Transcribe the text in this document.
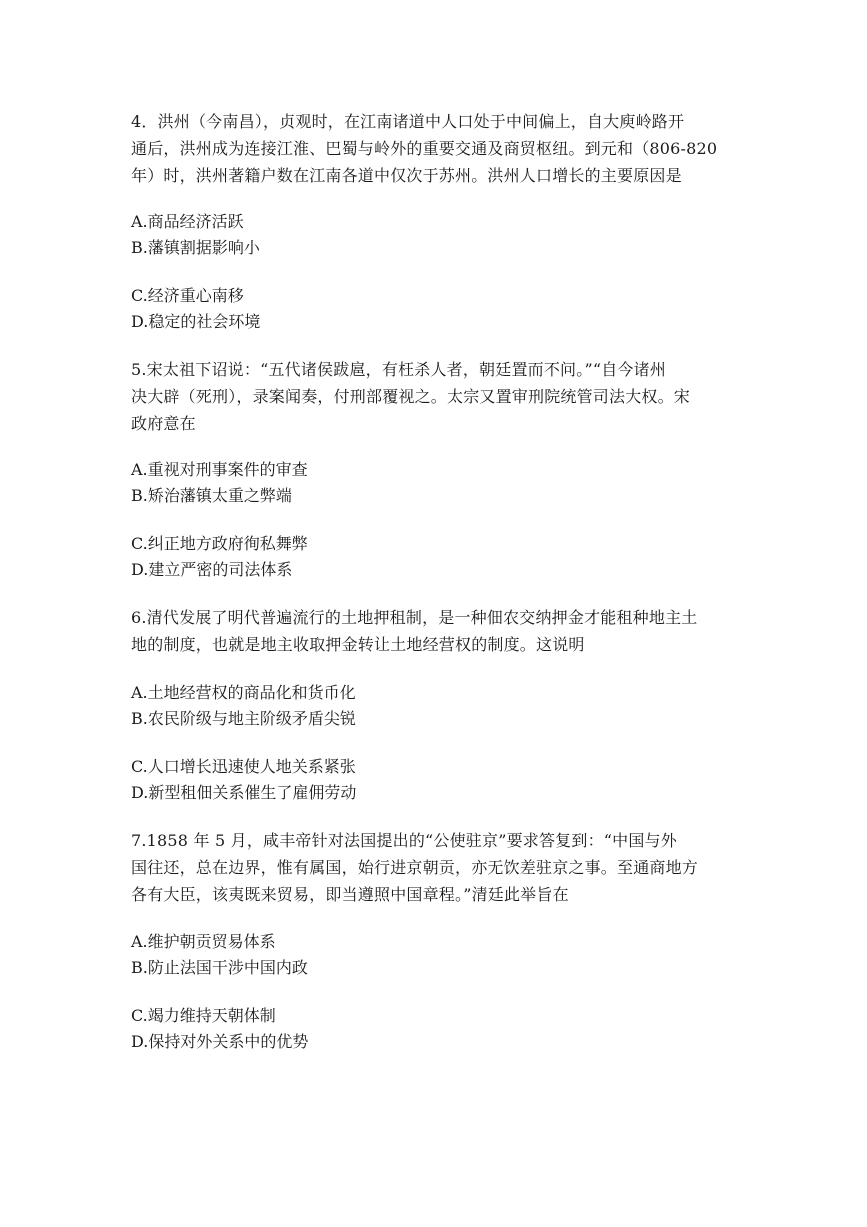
4．洪州（今南昌），贞观时，在江南诸道中人口处于中间偏上，自大庾岭路开
通后，洪州成为连接江淮、巴蜀与岭外的重要交通及商贸枢纽。到元和（806-820
年）时，洪州著籍户数在江南各道中仅次于苏州。洪州人口增长的主要原因是

A.商品经济活跃
B.藩镇割据影响小
C.经济重心南移
D.稳定的社会环境

5.宋太祖下诏说：“五代诸侯跋扈，有枉杀人者，朝廷置而不问。”“自今诸州
决大辟（死刑），录案闻奏，付刑部覆视之。太宗又置审刑院统管司法大权。宋
政府意在

A.重视对刑事案件的审查
B.矫治藩镇太重之弊端
C.纠正地方政府徇私舞弊
D.建立严密的司法体系

6.清代发展了明代普遍流行的土地押租制，是一种佃农交纳押金才能租种地主土
地的制度，也就是地主收取押金转让土地经营权的制度。这说明

A.土地经营权的商品化和货币化
B.农民阶级与地主阶级矛盾尖锐
C.人口增长迅速使人地关系紧张
D.新型租佃关系催生了雇佣劳动

7.1858 年 5 月，咸丰帝针对法国提出的“公使驻京”要求答复到：“中国与外
国往还，总在边界，惟有属国，始行进京朝贡，亦无饮差驻京之事。至通商地方
各有大臣，该夷既来贸易，即当遵照中国章程。”清廷此举旨在

A.维护朝贡贸易体系
B.防止法国干涉中国内政
C.竭力维持天朝体制
D.保持对外关系中的优势
